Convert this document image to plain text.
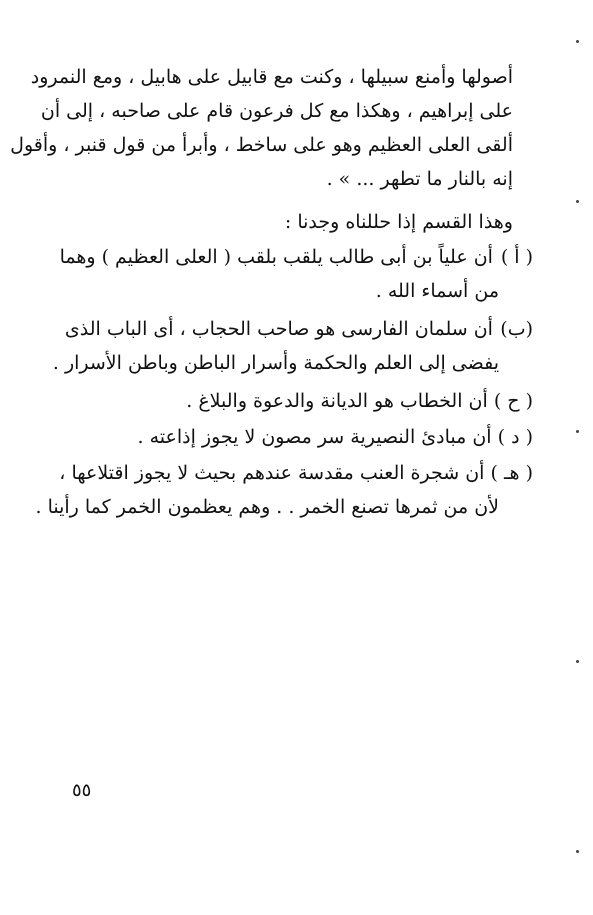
أصولها وأمنع سبيلها ، وكنت مع قابيل على هابيل ، ومع النمرود
على إبراهيم ، وهكذا مع كل فرعون قام على صاحبه ، إلى أن
ألقى العلى العظيم وهو على ساخط ، وأبرأ من قول قنبر ، وأقول
إنه بالنار ما تطهر ... » .
وهذا القسم إذا حللناه وجدنا :
( أ ) أن علياً بن أبى طالب يلقب بلقب ( العلى العظيم ) وهما
من أسماء الله .
(ب) أن سلمان الفارسى هو صاحب الحجاب ، أى الباب الذى
يفضى إلى العلم والحكمة وأسرار الباطن وباطن الأسرار .
( ح ) أن الخطاب هو الديانة والدعوة والبلاغ .
( د ) أن مبادئ النصيرية سر مصون لا يجوز إذاعته .
( هـ ) أن شجرة العنب مقدسة عندهم بحيث لا يجوز اقتلاعها ،
لأن من ثمرها تصنع الخمر . . وهم يعظمون الخمر كما رأينا .
٥٥
